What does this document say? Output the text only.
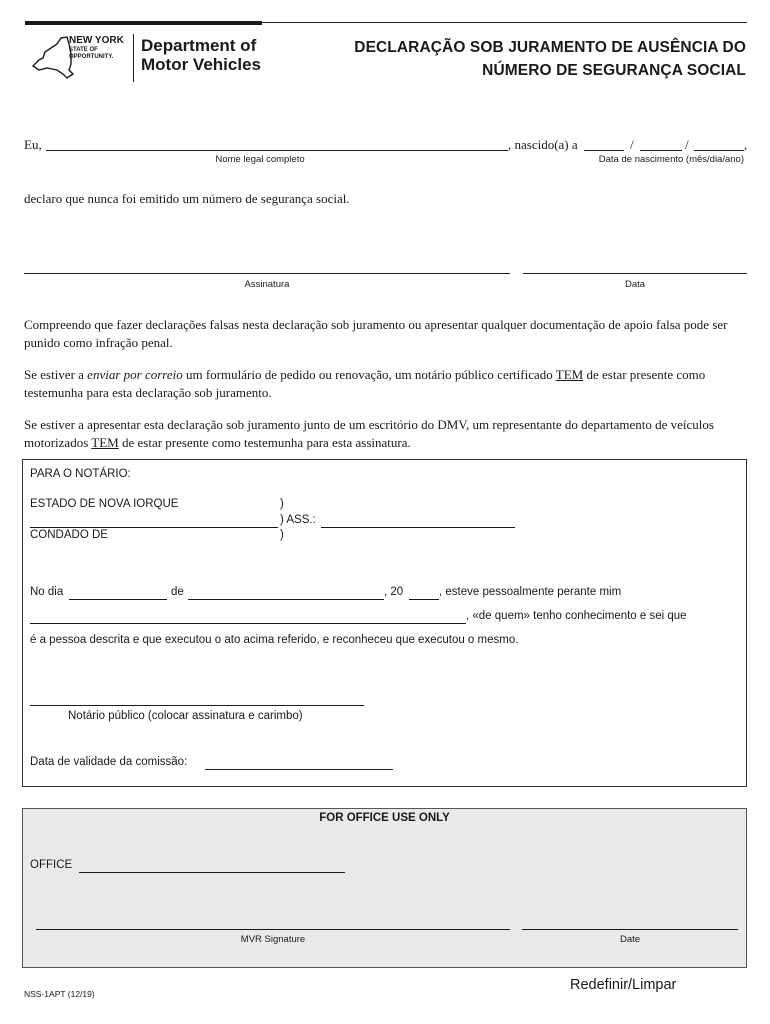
NEW YORK
STATE OF
OPPORTUNITY.
Department of
Motor Vehicles
DECLARAÇÃO SOB JURAMENTO DE AUSÊNCIA DO
NÚMERO DE SEGURANÇA SOCIAL
Eu,	, nascido(a) a	/	/	,
Nome legal completo	Data de nascimento (mês/dia/ano)
declaro que nunca foi emitido um número de segurança social.
Assinatura	Data
Compreendo que fazer declarações falsas nesta declaração sob juramento ou apresentar qualquer documentação de apoio falsa pode ser punido como infração penal.
Se estiver a enviar por correio um formulário de pedido ou renovação, um notário público certificado TEM de estar presente como testemunha para esta declaração sob juramento.
Se estiver a apresentar esta declaração sob juramento junto de um escritório do DMV, um representante do departamento de veículos motorizados TEM de estar presente como testemunha para esta assinatura.
PARA O NOTÁRIO:
ESTADO DE NOVA IORQUE	)
) ASS.:
CONDADO DE	)
No dia	de	, 20	, esteve pessoalmente perante mim
, «de quem» tenho conhecimento e sei que
é a pessoa descrita e que executou o ato acima referido, e reconheceu que executou o mesmo.
Notário público (colocar assinatura e carimbo)
Data de validade da comissão:
FOR OFFICE USE ONLY
OFFICE
MVR Signature	Date
NSS-1APT (12/19)
Redefinir/Limpar
